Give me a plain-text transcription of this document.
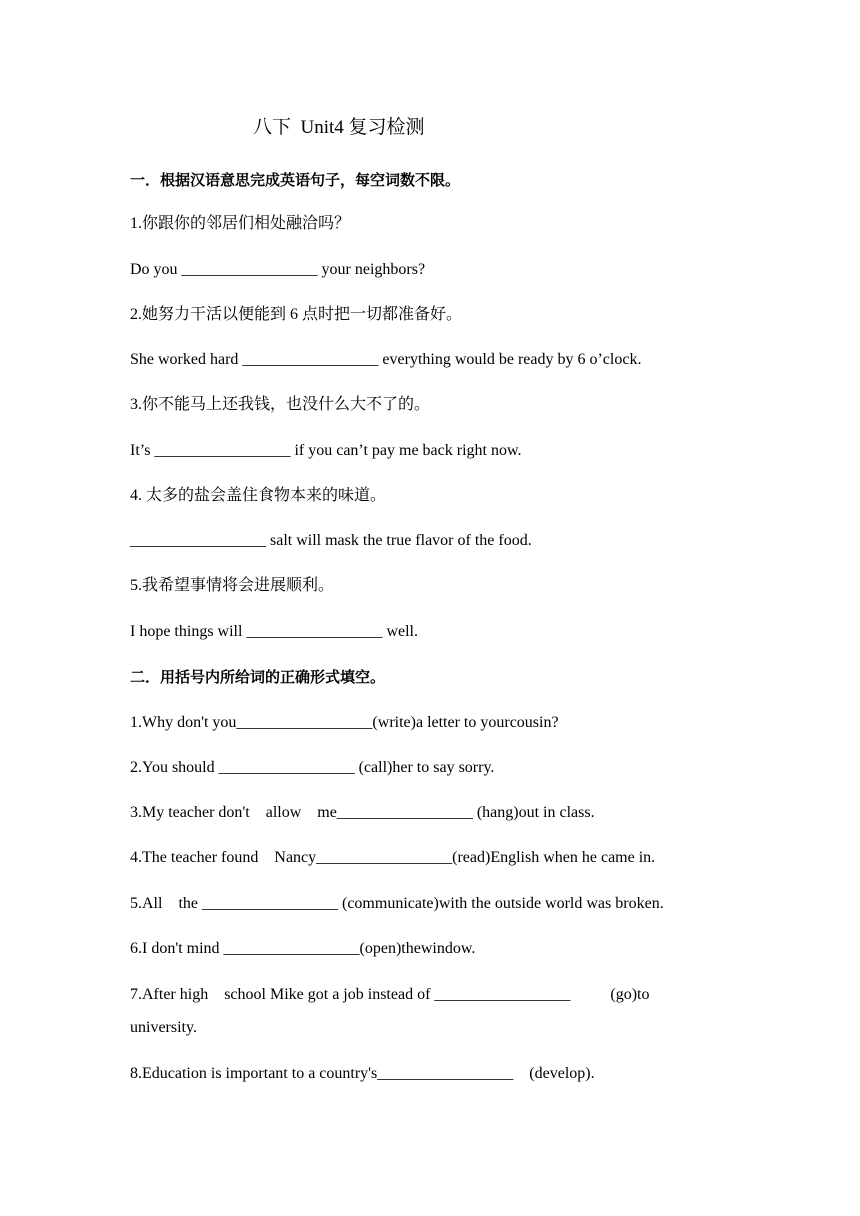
八下  Unit4 复习检测
一．根据汉语意思完成英语句子，每空词数不限。
1.你跟你的邻居们相处融洽吗？
Do you _________________ your neighbors?
2.她努力干活以便能到 6 点时把一切都准备好。
She worked hard _________________ everything would be ready by 6 o’clock.
3.你不能马上还我钱，也没什么大不了的。
It’s _________________ if you can’t pay me back right now.
4. 太多的盐会盖住食物本来的味道。
_________________ salt will mask the true flavor of the food.
5.我希望事情将会进展顺利。
I hope things will _________________ well.
二．用括号内所给词的正确形式填空。
1.Why don't you_________________(write)a letter to yourcousin?
2.You should _________________ (call)her to say sorry.
3.My teacher don't    allow    me_________________ (hang)out in class.
4.The teacher found    Nancy_________________(read)English when he came in.
5.All    the _________________ (communicate)with the outside world was broken.
6.I don't mind _________________(open)thewindow.
7.After high    school Mike got a job instead of _________________          (go)to
university.
8.Education is important to a country's_________________    (develop).
